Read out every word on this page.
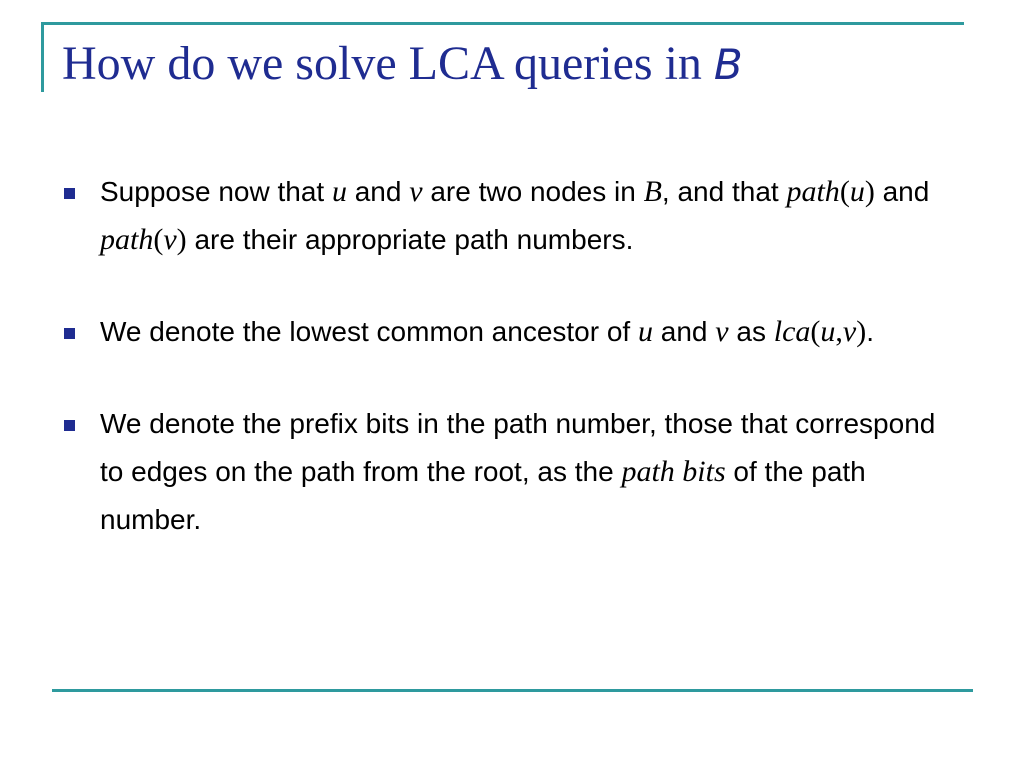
How do we solve LCA queries in B
Suppose now that u and v are two nodes in B, and that path(u) and path(v) are their appropriate path numbers.
We denote the lowest common ancestor of u and v as lca(u,v).
We denote the prefix bits in the path number, those that correspond to edges on the path from the root, as the path bits of the path number.
